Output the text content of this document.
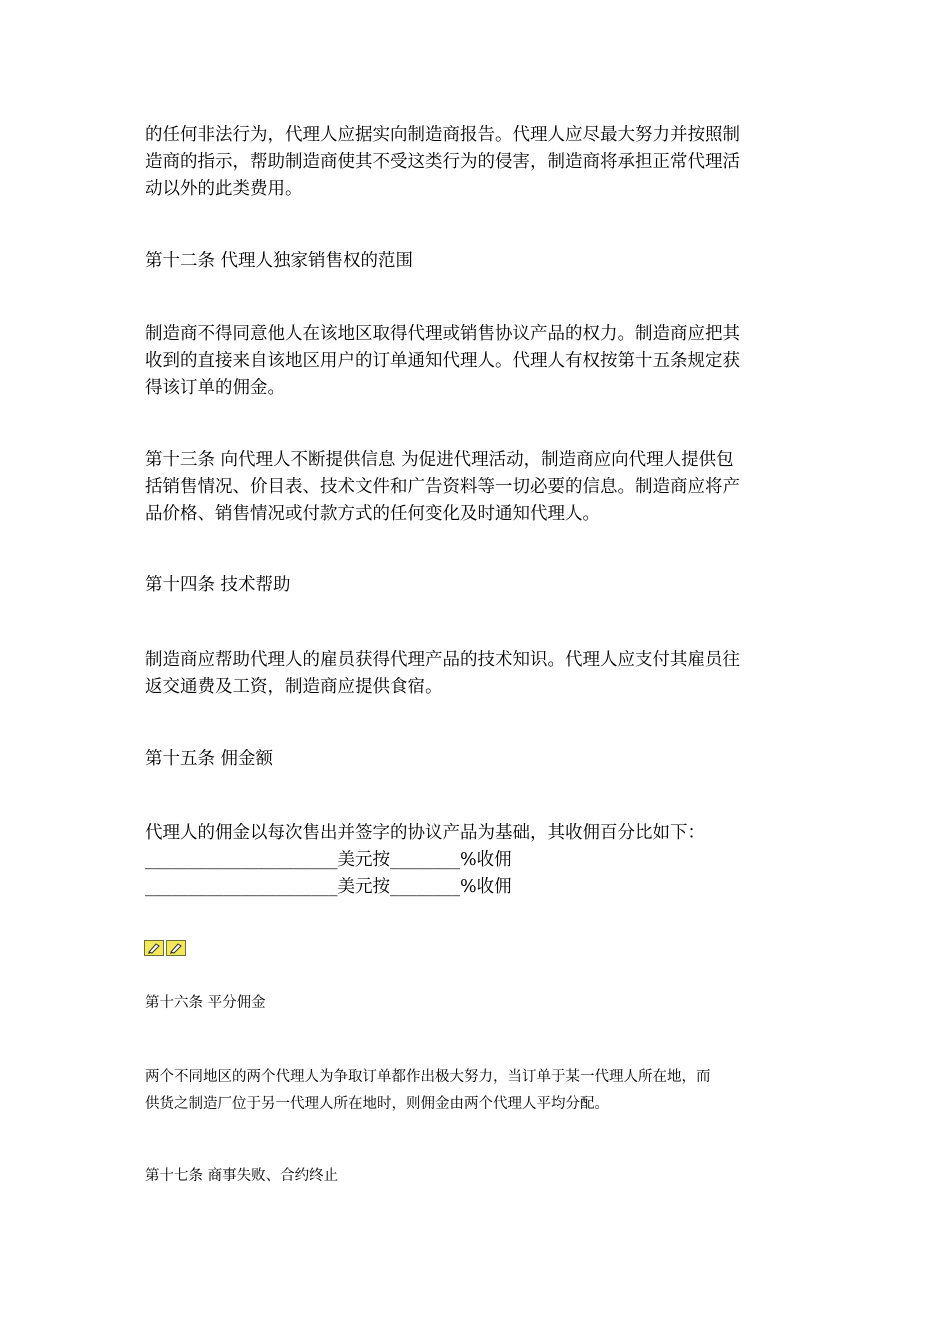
的任何非法行为，代理人应据实向制造商报告。代理人应尽最大努力并按照制
造商的指示，帮助制造商使其不受这类行为的侵害，制造商将承担正常代理活
动以外的此类费用。

第十二条 代理人独家销售权的范围

制造商不得同意他人在该地区取得代理或销售协议产品的权力。制造商应把其
收到的直接来自该地区用户的订单通知代理人。代理人有权按第十五条规定获
得该订单的佣金。

第十三条 向代理人不断提供信息 为促进代理活动，制造商应向代理人提供包
括销售情况、价目表、技术文件和广告资料等一切必要的信息。制造商应将产
品价格、销售情况或付款方式的任何变化及时通知代理人。

第十四条 技术帮助

制造商应帮助代理人的雇员获得代理产品的技术知识。代理人应支付其雇员往
返交通费及工资，制造商应提供食宿。

第十五条 佣金额

代理人的佣金以每次售出并签字的协议产品为基础，其收佣百分比如下：
______________________美元按________%收佣
______________________美元按________%收佣

第十六条 平分佣金

两个不同地区的两个代理人为争取订单都作出极大努力，当订单于某一代理人所在地，而
供货之制造厂位于另一代理人所在地时，则佣金由两个代理人平均分配。

第十七条 商事失败、合约终止
